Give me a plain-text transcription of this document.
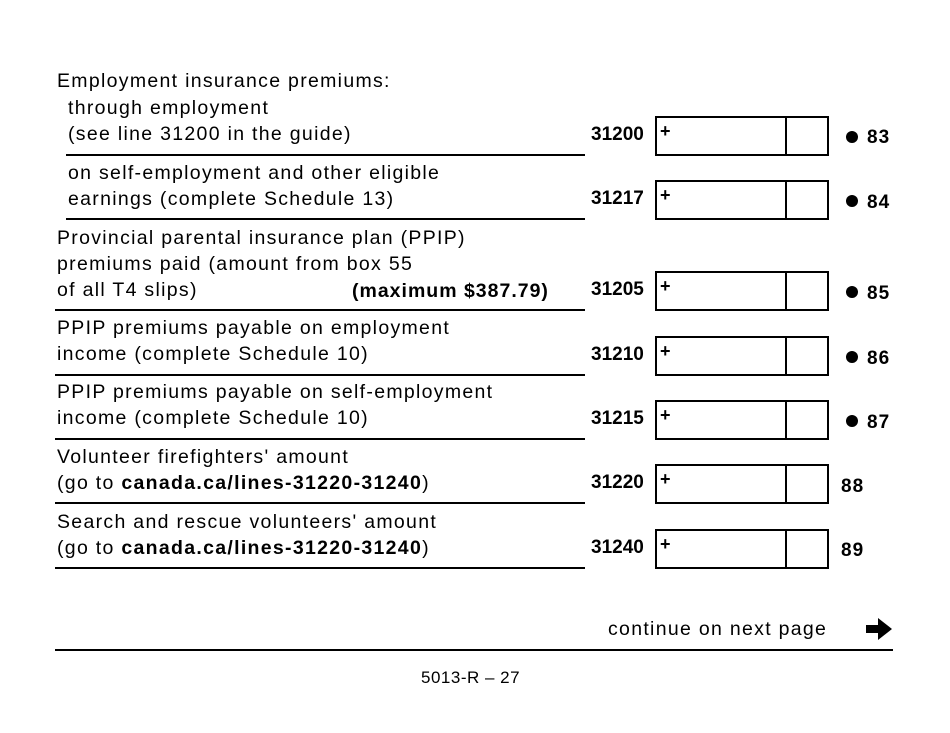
Employment insurance premiums:
through employment
(see line 31200 in the guide)	31200 +	83
on self-employment and other eligible
earnings (complete Schedule 13)	31217 +	84
Provincial parental insurance plan (PPIP)
premiums paid (amount from box 55
of all T4 slips)	(maximum $387.79) 31205 +	85
PPIP premiums payable on employment
income (complete Schedule 10)	31210 +	86
PPIP premiums payable on self-employment
income (complete Schedule 10)	31215 +	87
Volunteer firefighters' amount
(go to canada.ca/lines-31220-31240)	31220 +	88
Search and rescue volunteers' amount
(go to canada.ca/lines-31220-31240)	31240 +	89
continue on next page
5013-R – 27
